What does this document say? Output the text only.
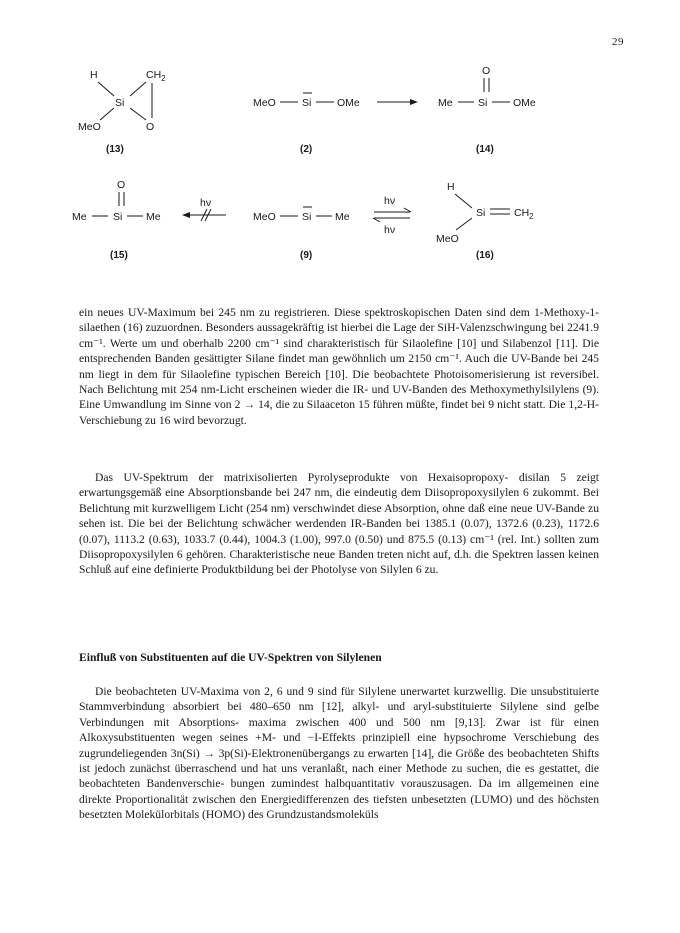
29
H	$CH_2$
Si
O
MeO
(13)
MeO Si OMe
(2)
O
Me Si OMe
(14)
O
Me	Si Me
(15)
hν
MeO Si Me
(9)
hν
hν
H
Si	$CH_2$
MeO
(16)

ein neues UV-Maximum bei 245 nm zu registrieren. Diese spektroskopischen Daten sind dem 1-Methoxy-1-silaethen (16) zuzuordnen. Besonders aussagekräftig ist hierbei die Lage der SiH-Valenzschwingung bei 2241.9 cm⁻¹. Werte um und oberhalb 2200 cm⁻¹ sind charakteristisch für Silaolefine [10] und Silabenzol [11]. Die entsprechenden Banden gesättigter Silane findet man gewöhnlich um 2150 cm⁻¹. Auch die UV-Bande bei 245 nm liegt in dem für Silaolefine typischen Bereich [10]. Die beobachtete Photoisomerisierung ist reversibel. Nach Belichtung mit 254 nm-Licht erscheinen wieder die IR- und UV-Banden des Methoxymethylsilylens (9). Eine Umwandlung im Sinne von 2 → 14, die zu Silaaceton 15 führen müßte, findet bei 9 nicht statt. Die 1,2-H-Verschiebung zu 16 wird bevorzugt.

Das UV-Spektrum der matrixisolierten Pyrolyseprodukte von Hexaisopropoxy- disilan 5 zeigt erwartungsgemäß eine Absorptionsbande bei 247 nm, die eindeutig dem Diisopropoxysilylen 6 zukommt. Bei Belichtung mit kurzwelligem Licht (254 nm) verschwindet diese Absorption, ohne daß eine neue UV-Bande zu sehen ist. Die bei der Belichtung schwächer werdenden IR-Banden bei 1385.1 (0.07), 1372.6 (0.23), 1172.6 (0.07), 1113.2 (0.63), 1033.7 (0.44), 1004.3 (1.00), 997.0 (0.50) und 875.5 (0.13) cm⁻¹ (rel. Int.) sollten zum Diisopropoxysilylen 6 gehören. Charakteristische neue Banden treten nicht auf, d.h. die Spektren lassen keinen Schluß auf eine definierte Produktbildung bei der Photolyse von Silylen 6 zu.

Einfluß von Substituenten auf die UV-Spektren von Silylenen

Die beobachteten UV-Maxima von 2, 6 und 9 sind für Silylene unerwartet kurzwellig. Die unsubstituierte Stammverbindung absorbiert bei 480–650 nm [12], alkyl- und aryl-substituierte Silylene sind gelbe Verbindungen mit Absorptions- maxima zwischen 400 und 500 nm [9,13]. Zwar ist für einen Alkoxysubstituenten wegen seines +M- und −I-Effekts prinzipiell eine hypsochrome Verschiebung des zugrundeliegenden 3n(Si) → 3p(Si)-Elektronenübergangs zu erwarten [14], die Größe des beobachteten Shifts ist jedoch zunächst überraschend und hat uns veranlaßt, nach einer Methode zu suchen, die es gestattet, die beobachteten Bandenverschie- bungen zumindest halbquantitativ vorauszusagen. Da im allgemeinen eine direkte Proportionalität zwischen den Energiedifferenzen des tiefsten unbesetzten (LUMO) und des höchsten besetzten Molekülorbitals (HOMO) des Grundzustandsmoleküls
